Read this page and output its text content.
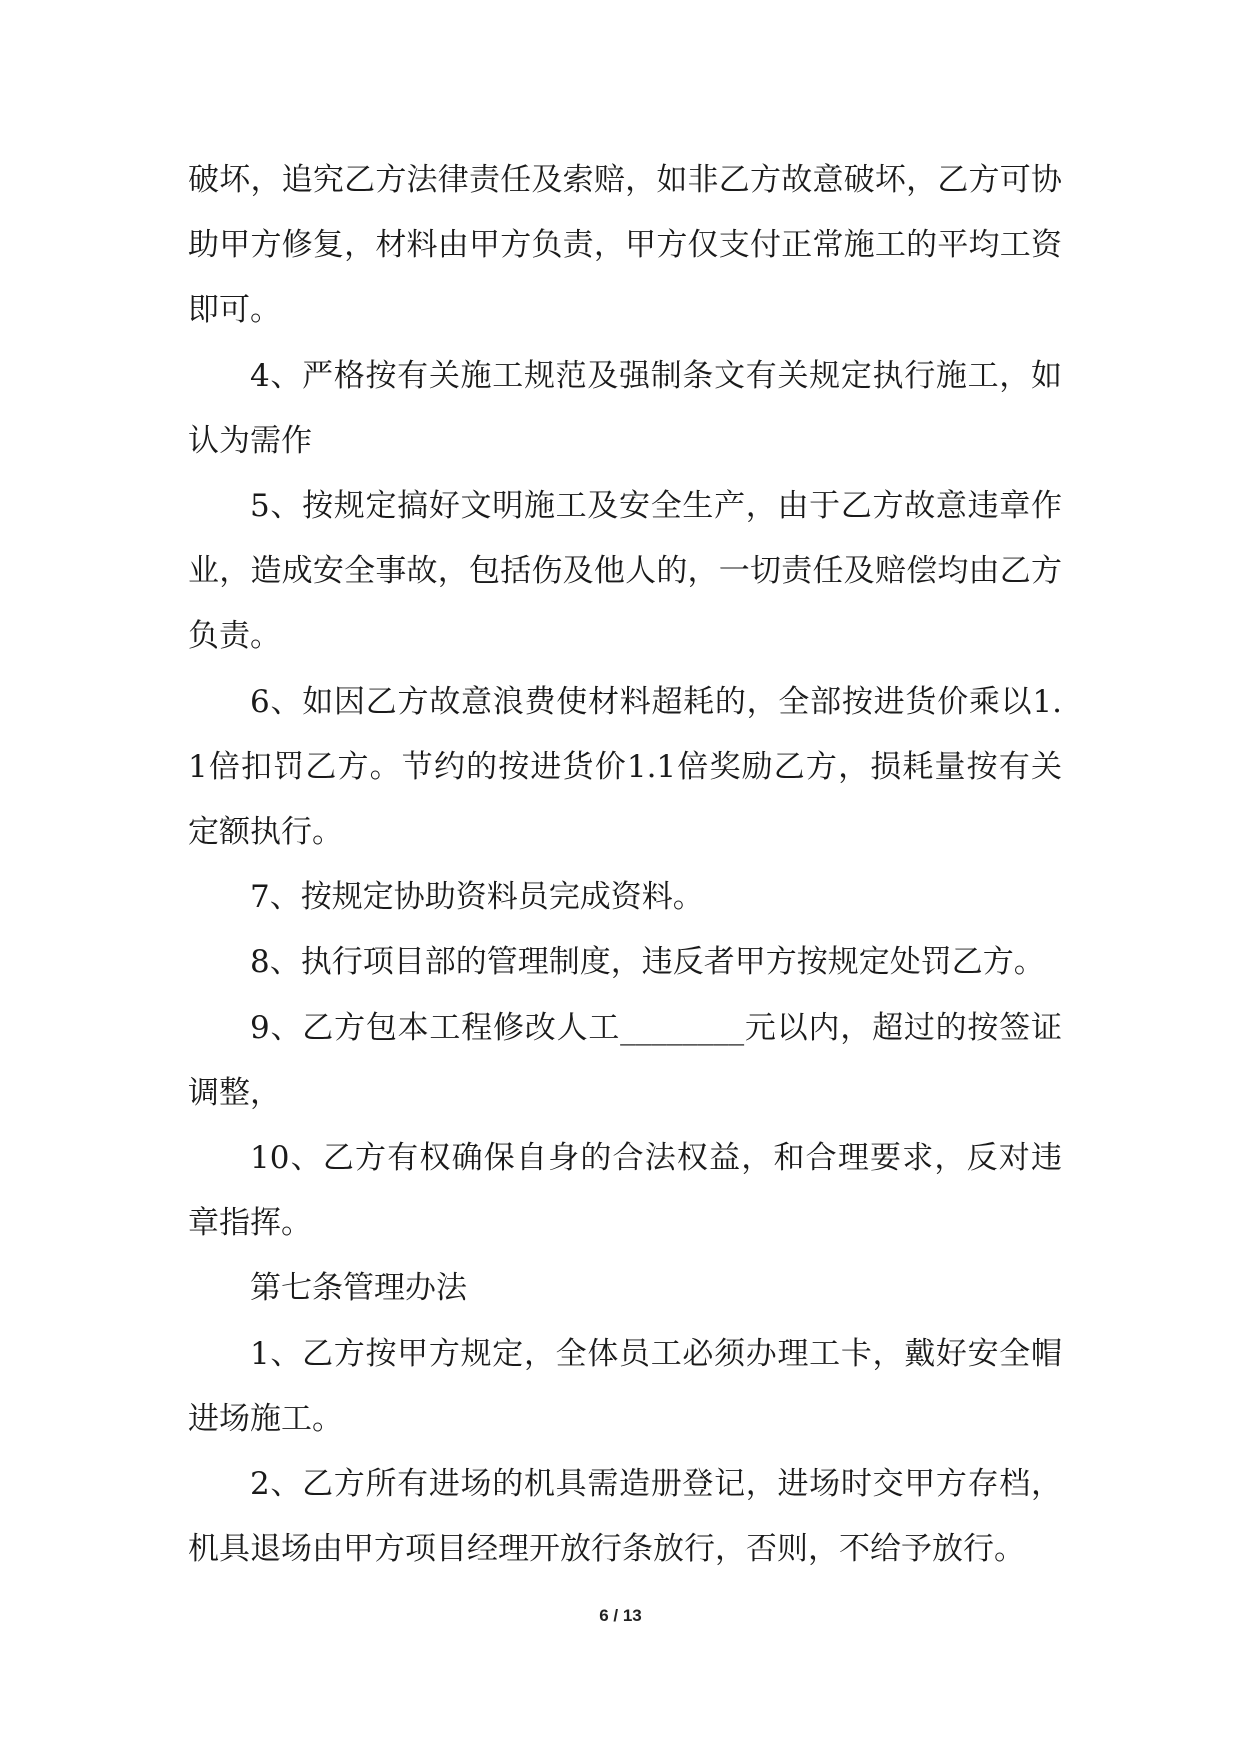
破坏，追究乙方法律责任及索赔，如非乙方故意破坏，乙方可协助甲方修复，材料由甲方负责，甲方仅支付正常施工的平均工资即可。

4、严格按有关施工规范及强制条文有关规定执行施工，如认为需作

5、按规定搞好文明施工及安全生产，由于乙方故意违章作业，造成安全事故，包括伤及他人的，一切责任及赔偿均由乙方负责。

6、如因乙方故意浪费使材料超耗的，全部按进货价乘以1.1倍扣罚乙方。节约的按进货价1.1倍奖励乙方，损耗量按有关定额执行。

7、按规定协助资料员完成资料。

8、执行项目部的管理制度，违反者甲方按规定处罚乙方。

9、乙方包本工程修改人工________元以内，超过的按签证调整，

10、乙方有权确保自身的合法权益，和合理要求，反对违章指挥。

第七条管理办法

1、乙方按甲方规定，全体员工必须办理工卡，戴好安全帽进场施工。

2、乙方所有进场的机具需造册登记，进场时交甲方存档，机具退场由甲方项目经理开放行条放行，否则，不给予放行。

6 / 13
